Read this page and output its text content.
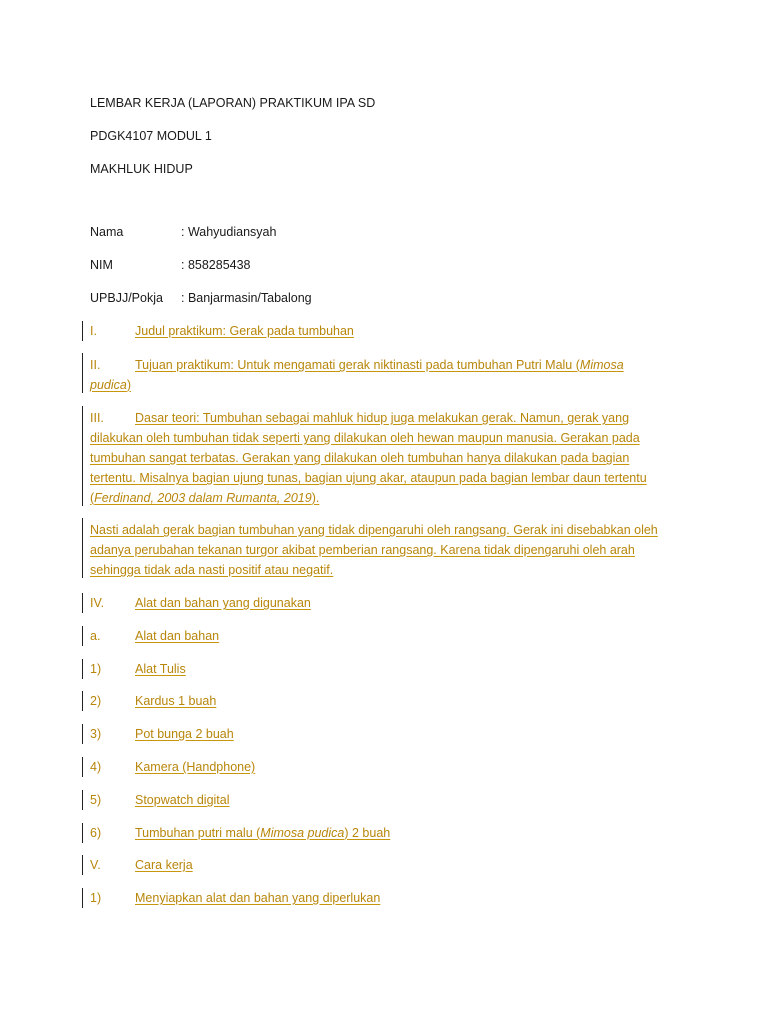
LEMBAR KERJA (LAPORAN) PRAKTIKUM IPA SD
PDGK4107 MODUL 1
MAKHLUK HIDUP
Nama	: Wahyudiansyah
NIM	: 858285438
UPBJJ/Pokja : Banjarmasin/Tabalong
I.	Judul praktikum: Gerak pada tumbuhan
II.	Tujuan praktikum: Untuk mengamati gerak niktinasti pada tumbuhan Putri Malu (Mimosa
pudica)
III. Dasar teori: Tumbuhan sebagai mahluk hidup juga melakukan gerak. Namun, gerak yang
dilakukan oleh tumbuhan tidak seperti yang dilakukan oleh hewan maupun manusia. Gerakan pada
tumbuhan sangat terbatas. Gerakan yang dilakukan oleh tumbuhan hanya dilakukan pada bagian
tertentu. Misalnya bagian ujung tunas, bagian ujung akar, ataupun pada bagian lembar daun tertentu
(Ferdinand, 2003 dalam Rumanta, 2019).
Nasti adalah gerak bagian tumbuhan yang tidak dipengaruhi oleh rangsang. Gerak ini disebabkan oleh
adanya perubahan tekanan turgor akibat pemberian rangsang. Karena tidak dipengaruhi oleh arah
sehingga tidak ada nasti positif atau negatif.
IV. Alat dan bahan yang digunakan
a.	Alat dan bahan
1)	Alat Tulis
2)	Kardus 1 buah
3)	Pot bunga 2 buah
4)	Kamera (Handphone)
5)	Stopwatch digital
6)	Tumbuhan putri malu (Mimosa pudica) 2 buah
V.	Cara kerja
1)	Menyiapkan alat dan bahan yang diperlukan
